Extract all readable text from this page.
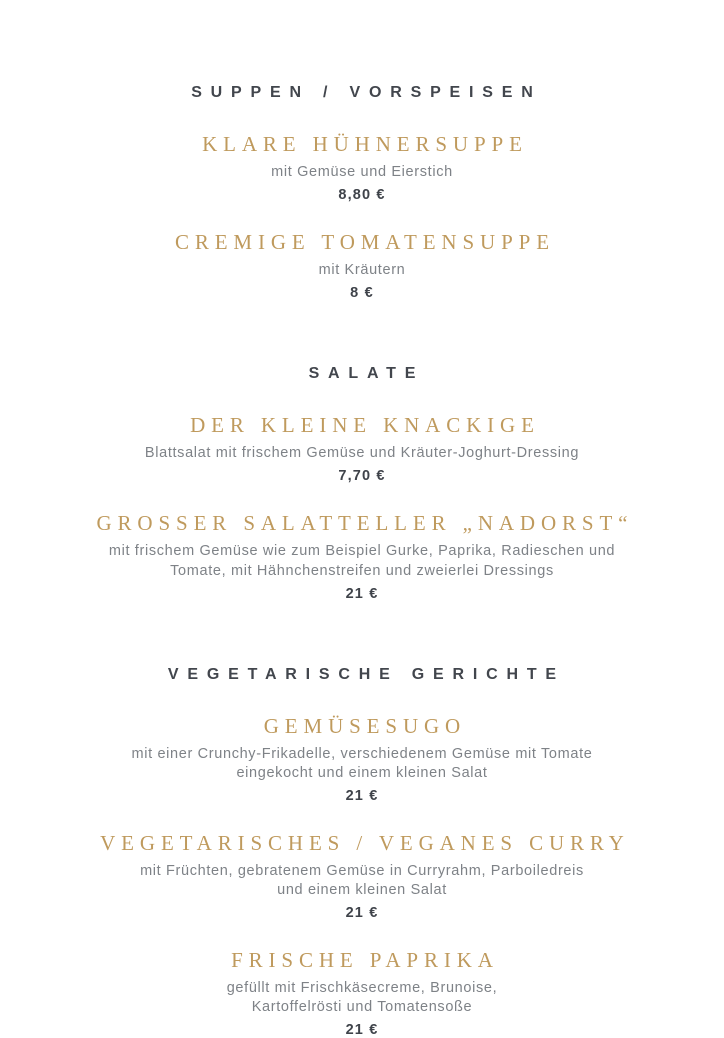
SUPPEN / VORSPEISEN
KLARE HÜHNERSUPPE
mit Gemüse und Eierstich
8,80 €
CREMIGE TOMATENSUPPE
mit Kräutern
8 €
SALATE
DER KLEINE KNACKIGE
Blattsalat mit frischem Gemüse und Kräuter-Joghurt-Dressing
7,70 €
GROSSER SALATTELLER „NADORST“
mit frischem Gemüse wie zum Beispiel Gurke, Paprika, Radieschen und
Tomate, mit Hähnchenstreifen und zweierlei Dressings
21 €
VEGETARISCHE GERICHTE
GEMÜSESUGO
mit einer Crunchy-Frikadelle, verschiedenem Gemüse mit Tomate
eingekocht und einem kleinen Salat
21 €
VEGETARISCHES / VEGANES CURRY
mit Früchten, gebratenem Gemüse in Curryrahm, Parboiledreis
und einem kleinen Salat
21 €
FRISCHE PAPRIKA
gefüllt mit Frischkäsecreme, Brunoise,
Kartoffelrösti und Tomatensoße
21 €
